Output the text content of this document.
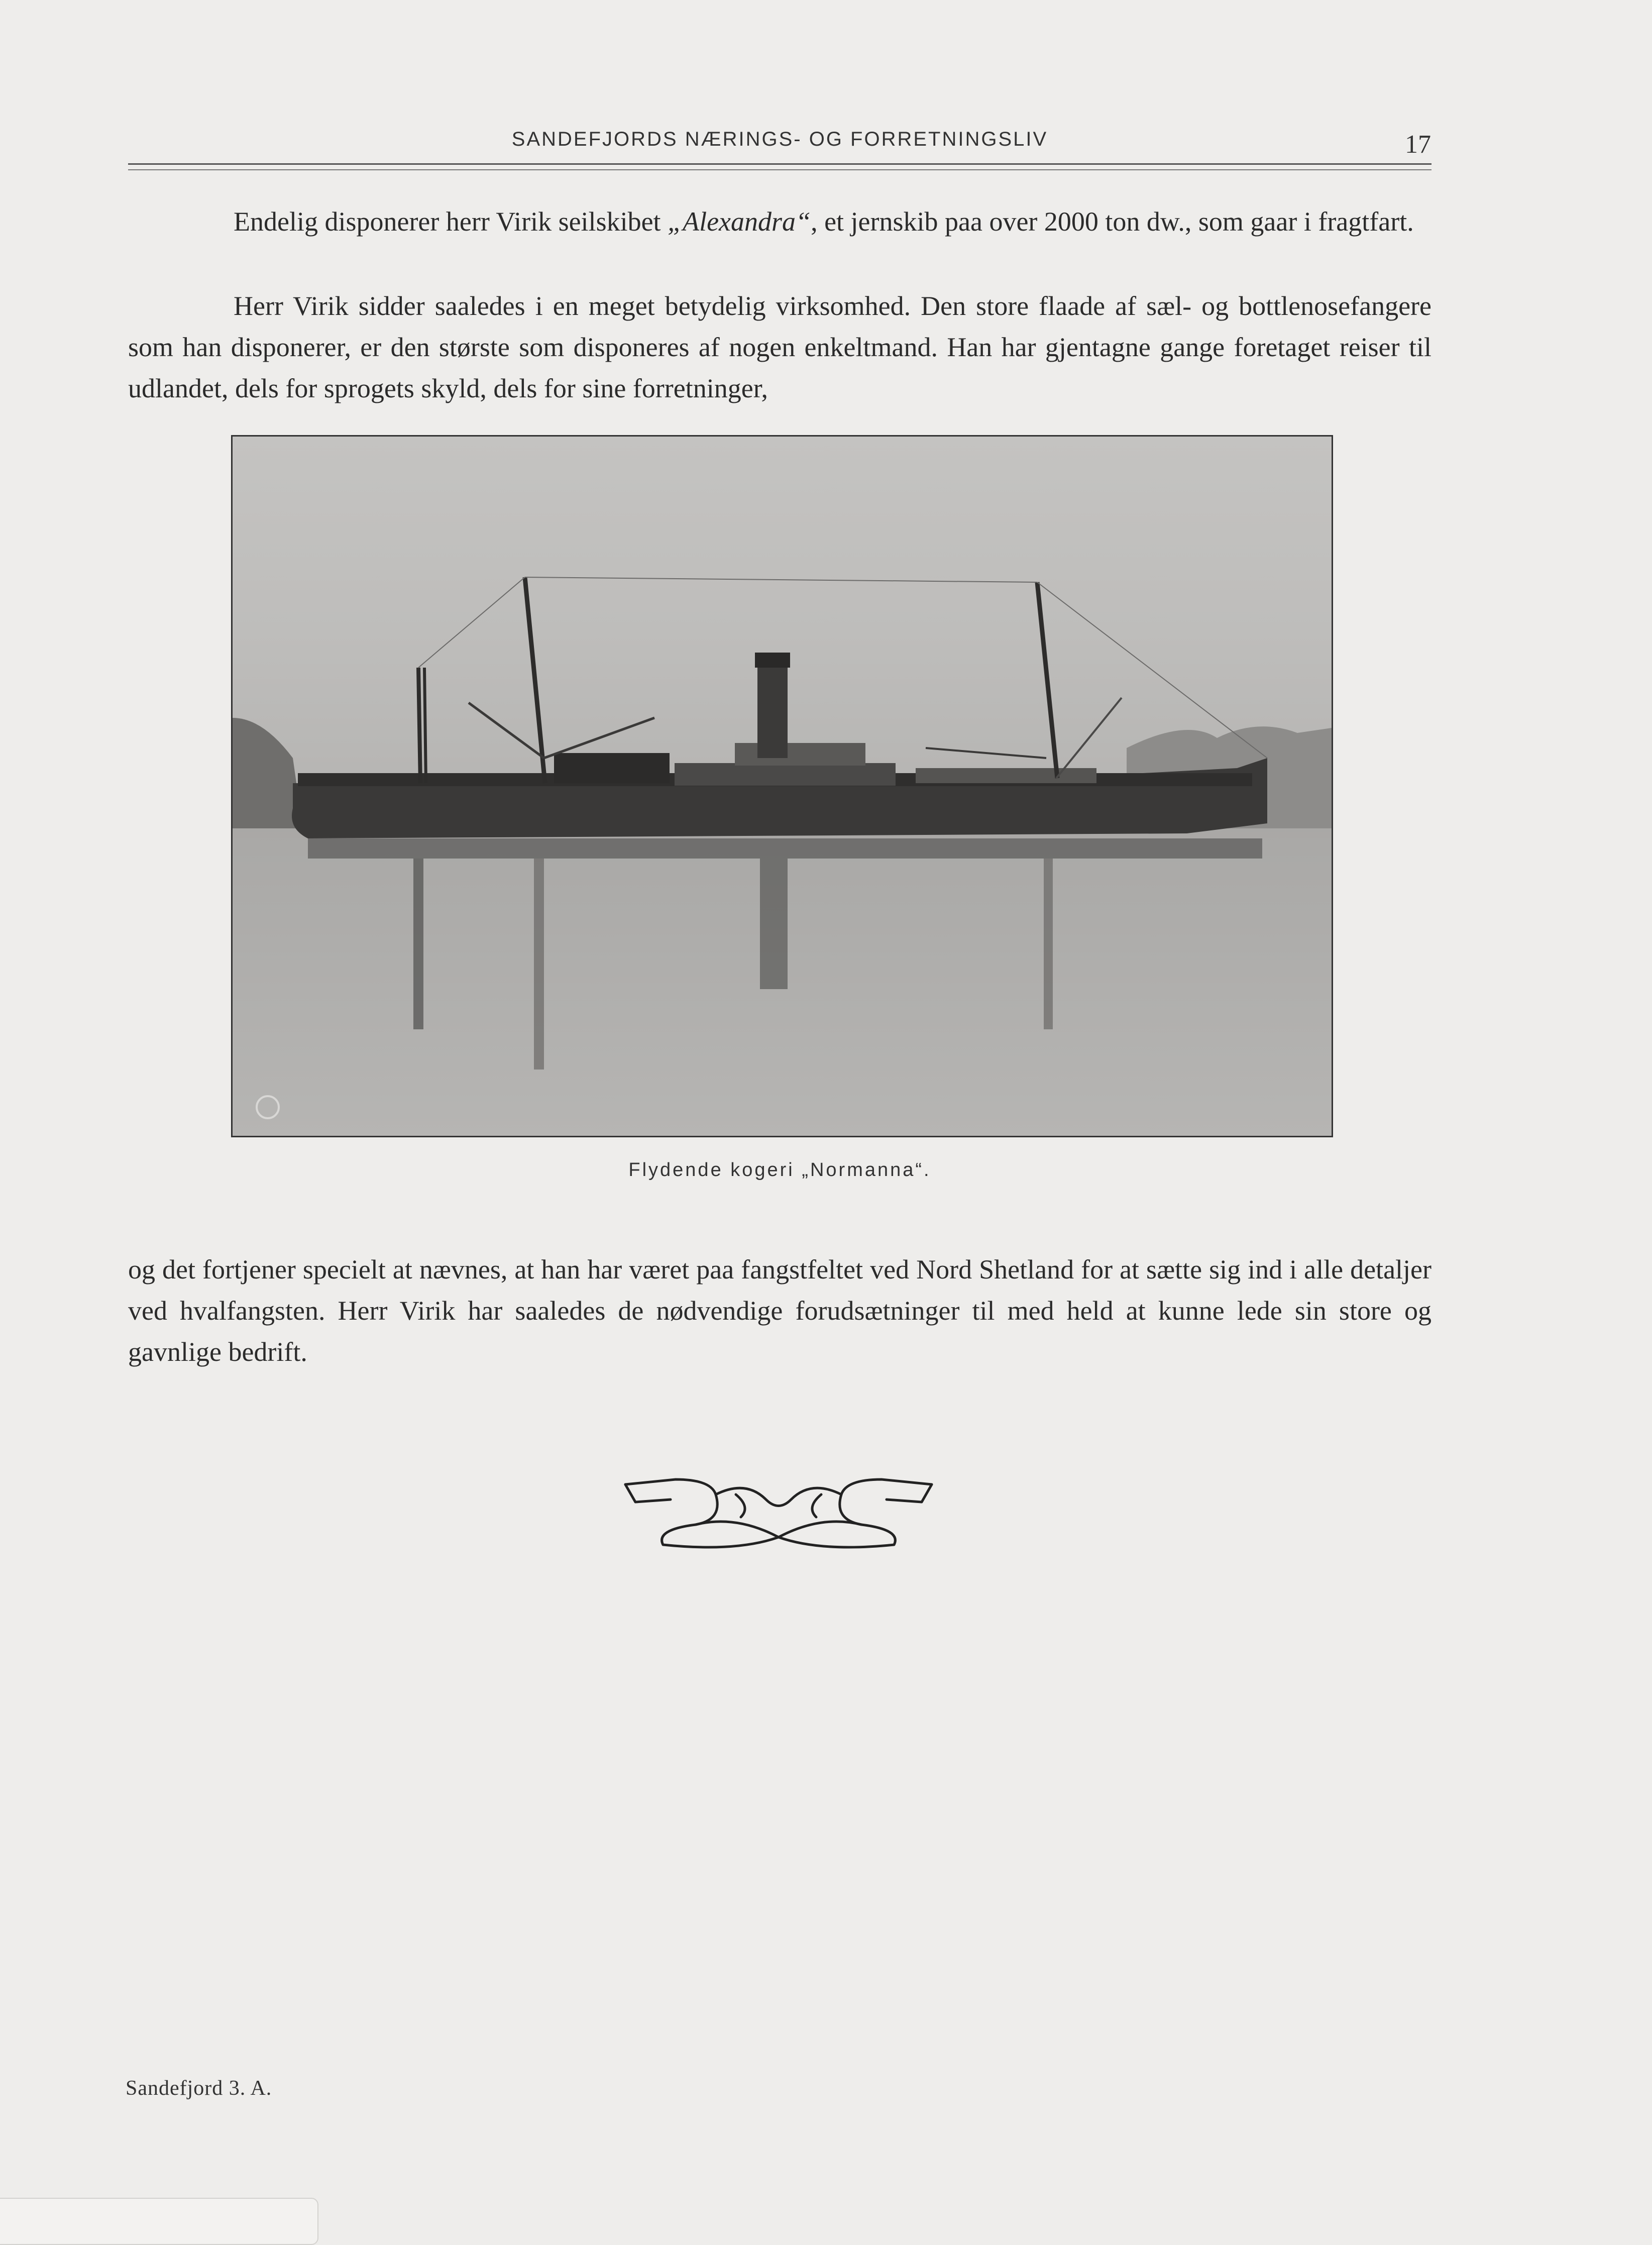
SANDEFJORDS NÆRINGS- OG FORRETNINGSLIV	17

Endelig disponerer herr Virik seilskibet „Alexandra“, et jernskib paa over 2000 ton dw., som gaar i fragtfart.

Herr Virik sidder saaledes i en meget betydelig virksomhed. Den store flaade af sæl- og bottlenosefangere som han disponerer, er den største som disponeres af nogen enkeltmand. Han har gjentagne gange foretaget reiser til udlandet, dels for sprogets skyld, dels for sine forretninger,

Flydende kogeri „Normanna“.

og det fortjener specielt at nævnes, at han har været paa fangstfeltet ved Nord Shetland for at sætte sig ind i alle detaljer ved hvalfangsten. Herr Virik har saaledes de nødvendige forudsætninger til med held at kunne lede sin store og gavnlige bedrift.

Sandefjord 3. A.
